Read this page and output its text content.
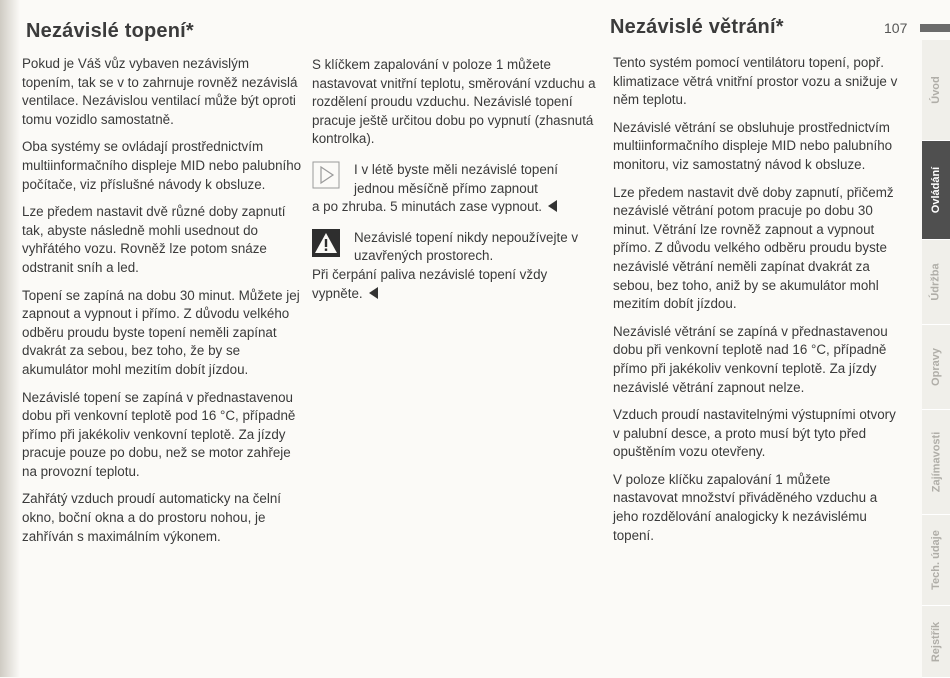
Nezávislé topení*	Nezávislé větrání*	107

Pokud je Váš vůz vybaven nezávislým topením, tak se v to zahrnuje rovněž nezávislá ventilace. Nezávislou ventilací může být oproti tomu vozidlo samostatně.

Oba systémy se ovládají prostřednictvím multiinformačního displeje MID nebo palubního počítače, viz příslušné návody k obsluze.

Lze předem nastavit dvě různé doby zapnutí tak, abyste následně mohli usednout do vyhřátého vozu. Rovněž lze potom snáze odstranit sníh a led.

Topení se zapíná na dobu 30 minut. Můžete jej zapnout a vypnout i přímo. Z důvodu velkého odběru proudu byste topení neměli zapínat dvakrát za sebou, bez toho, že by se akumulátor mohl mezitím dobít jízdou.

Nezávislé topení se zapíná v přednastavenou dobu při venkovní teplotě pod 16 °C, případně přímo při jakékoliv venkovní teplotě. Za jízdy pracuje pouze po dobu, než se motor zahřeje na provozní teplotu.

Zahřátý vzduch proudí automaticky na čelní okno, boční okna a do prostoru nohou, je zahříván s maximálním výkonem.

S klíčkem zapalování v poloze 1 můžete nastavovat vnitřní teplotu, směrování vzduchu a rozdělení proudu vzduchu. Nezávislé topení pracuje ještě určitou dobu po vypnutí (zhasnutá kontrolka).

I v létě byste měli nezávislé topení jednou měsíčně přímo zapnout
a po zhruba. 5 minutách zase vypnout.
Nezávislé topení nikdy nepoužívejte v uzavřených prostorech.
Při čerpání paliva nezávislé topení vždy vypněte.

Tento systém pomocí ventilátoru topení, popř. klimatizace větrá vnitřní prostor vozu a snižuje v něm teplotu.

Nezávislé větrání se obsluhuje prostřednictvím multiinformačního displeje MID nebo palubního monitoru, viz samostatný návod k obsluze.

Lze předem nastavit dvě doby zapnutí, přičemž nezávislé větrání potom pracuje po dobu 30 minut. Větrání lze rovněž zapnout a vypnout přímo. Z důvodu velkého odběru proudu byste nezávislé větrání neměli zapínat dvakrát za sebou, bez toho, aniž by se akumulátor mohl mezitím dobít jízdou.

Nezávislé větrání se zapíná v přednastavenou dobu při venkovní teplotě nad 16 °C, případně přímo při jakékoliv venkovní teplotě. Za jízdy nezávislé větrání zapnout nelze.

Vzduch proudí nastavitelnými výstupními otvory v palubní desce, a proto musí být tyto před opuštěním vozu otevřeny.

V poloze klíčku zapalování 1 můžete nastavovat množství přiváděného vzduchu a jeho rozdělování analogicky k nezávislému topení.

Úvod
Ovládání
Údržba
Opravy
Zajímavosti
Tech. údaje
Rejstřík
